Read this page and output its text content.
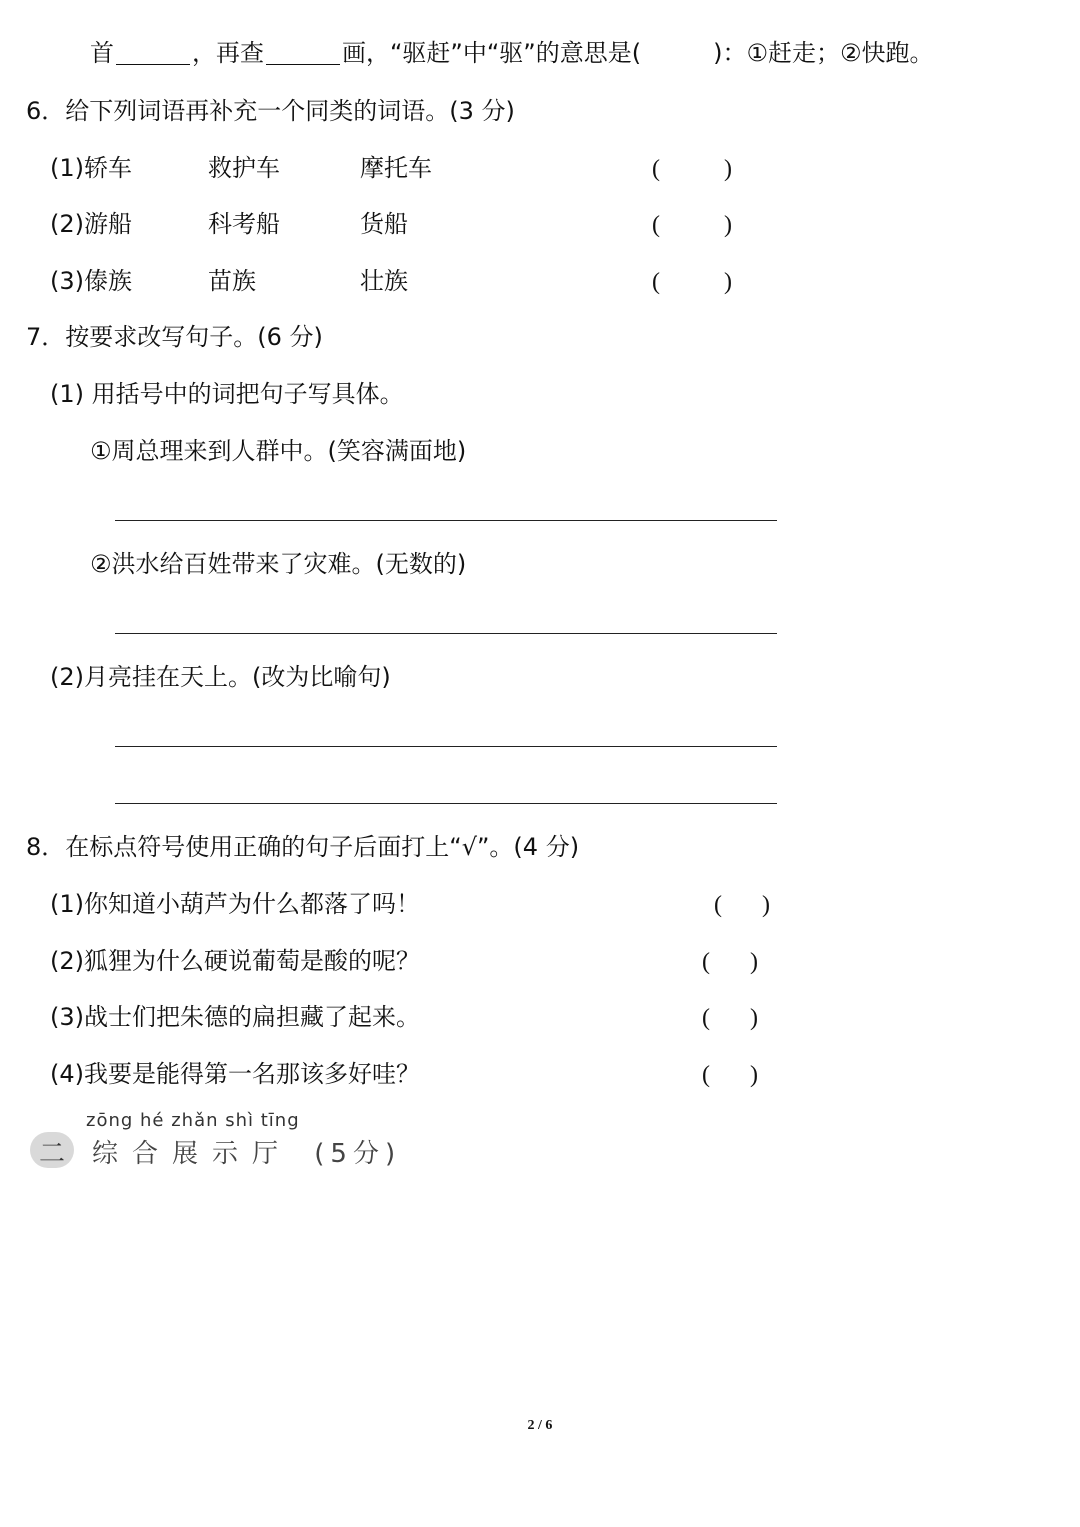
首	，再查	画，“驱赶”中“驱”的意思是(	)：①赶走；②快跑。
6．给下列词语再补充一个同类的词语。(3 分)
(1)轿车	救护车	摩托车	(	)
(2)游船	科考船	货船	(	)
(3)傣族	苗族	壮族	(	)
7．按要求改写句子。(6 分)
(1) 用括号中的词把句子写具体。
①周总理来到人群中。(笑容满面地)
②洪水给百姓带来了灾难。(无数的)
(2)月亮挂在天上。(改为比喻句)
8．在标点符号使用正确的句子后面打上“√”。(4 分)
(1)你知道小葫芦为什么都落了吗！	( )
(2)狐狸为什么硬说葡萄是酸的呢？	( )
(3)战士们把朱德的扁担藏了起来。	( )
(4)我要是能得第一名那该多好哇？	( )
zōng hé zhǎn shì tīng
二 综合展示厅 (5分)
2 / 6
